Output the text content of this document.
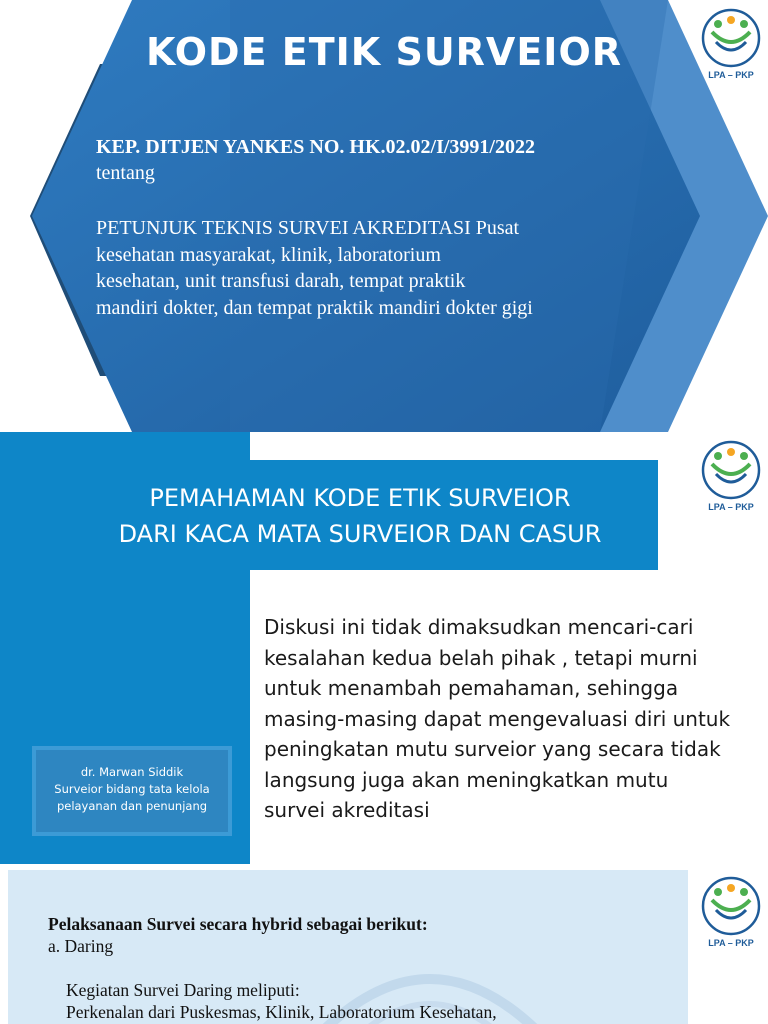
KODE ETIK SURVEIOR
KEP. DITJEN YANKES NO. HK.02.02/I/3991/2022
tentang
PETUNJUK TEKNIS SURVEI AKREDITASI Pusat
kesehatan masyarakat, klinik, laboratorium
kesehatan, unit transfusi darah, tempat praktik
mandiri dokter, dan tempat praktik mandiri dokter gigi
LPA – PKP
PEMAHAMAN KODE ETIK SURVEIOR
DARI KACA MATA SURVEIOR DAN CASUR
Diskusi ini tidak dimaksudkan mencari-cari
kesalahan kedua belah pihak , tetapi murni
untuk menambah pemahaman, sehingga
masing-masing dapat mengevaluasi diri untuk
peningkatan mutu surveior yang secara tidak
langsung juga akan meningkatkan mutu
survei akreditasi
dr. Marwan Siddik
Surveior bidang tata kelola
pelayanan dan penunjang
LPA – PKP
Pelaksanaan Survei secara hybrid sebagai berikut:
a. Daring
Kegiatan Survei Daring meliputi:
Perkenalan dari Puskesmas, Klinik, Laboratorium Kesehatan,
LPA – PKP
